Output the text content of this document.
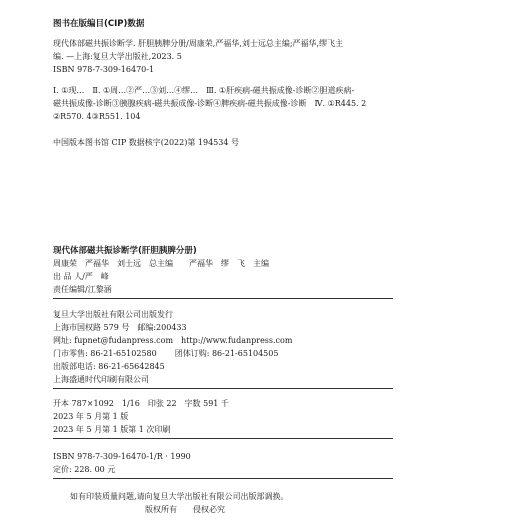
图书在版编目(CIP)数据
现代体部磁共振诊断学. 肝胆胰脾分册/周康荣,严福华,刘士远总主编;严福华,缪飞主
编. —上海:复旦大学出版社,2023. 5
ISBN 978-7-309-16470-1
Ⅰ. ①现…　Ⅱ. ①周…②严…③刘…④缪…　Ⅲ. ①肝疾病-磁共振成像-诊断②胆道疾病-
磁共振成像-诊断③胰腺疾病-磁共振成像-诊断④脾疾病-磁共振成像-诊断　Ⅳ. ①R445. 2
②R570. 4③R551. 104
中国版本图书馆 CIP 数据核字(2022)第 194534 号
现代体部磁共振诊断学(肝胆胰脾分册)
周康荣　严福华　刘士远　总主编　　严福华　缪　飞　主编
出 品 人/严　峰
责任编辑/江黎涵
复旦大学出版社有限公司出版发行
上海市国权路 579 号　邮编:200433
网址: fupnet@fudanpress.com　http://www.fudanpress.com
门市零售: 86-21-65102580 团体订购: 86-21-65104505
出版部电话: 86-21-65642845
上海盛通时代印刷有限公司
开本 787×1092　1/16　印张 22　字数 591 千
2023 年 5 月第 1 版
2023 年 5 月第 1 版第 1 次印刷
ISBN 978-7-309-16470-1/R · 1990
定价: 228. 00 元
如有印装质量问题,请向复旦大学出版社有限公司出版部调换。
版权所有　　侵权必究
